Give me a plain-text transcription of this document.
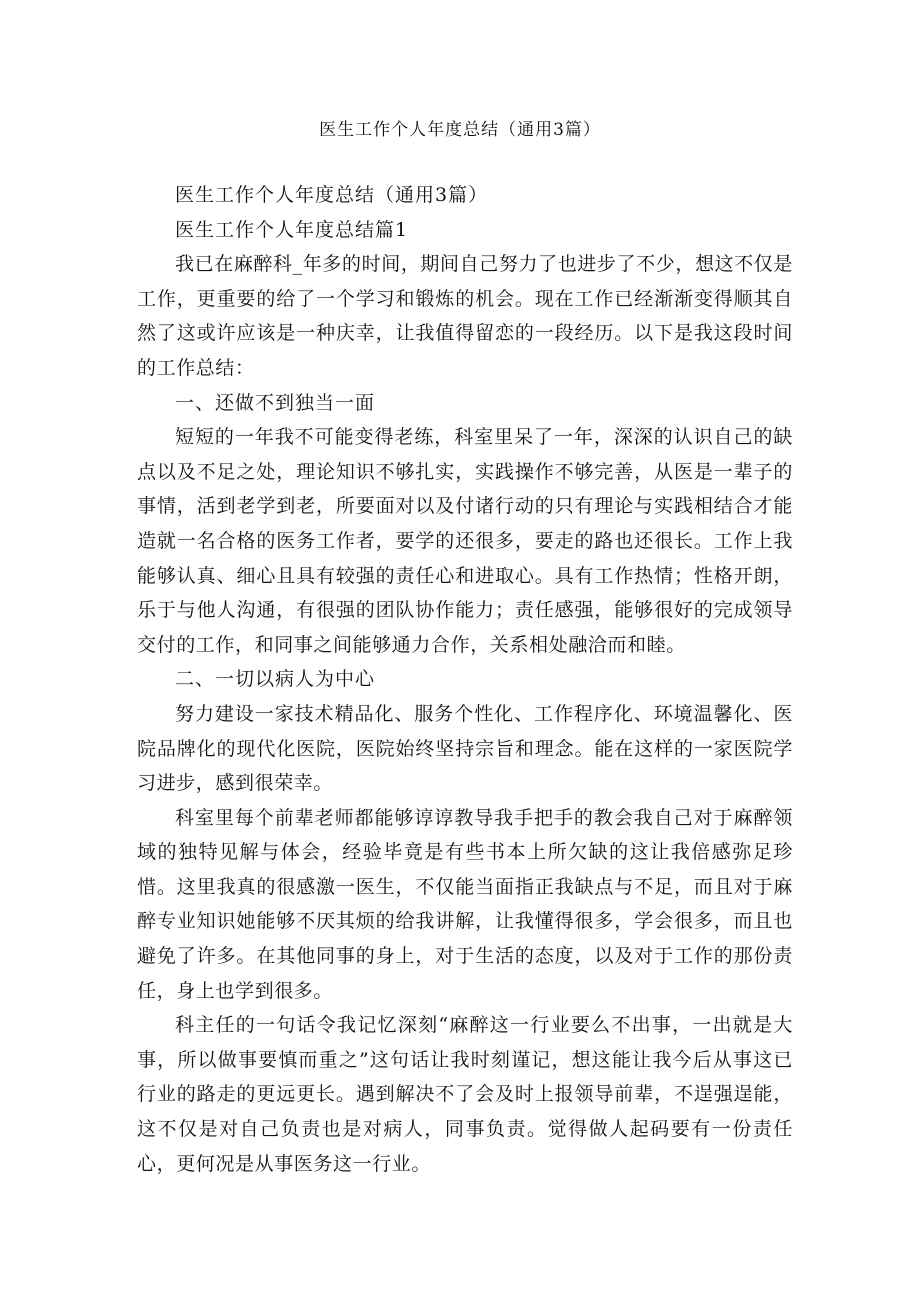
医生工作个人年度总结（通用3篇）

医生工作个人年度总结（通用3篇）

医生工作个人年度总结篇1

我已在麻醉科_年多的时间，期间自己努力了也进步了不少，想这不仅是工作，更重要的给了一个学习和锻炼的机会。现在工作已经渐渐变得顺其自然了这或许应该是一种庆幸，让我值得留恋的一段经历。以下是我这段时间的工作总结：

一、还做不到独当一面

短短的一年我不可能变得老练，科室里呆了一年，深深的认识自己的缺点以及不足之处，理论知识不够扎实，实践操作不够完善，从医是一辈子的事情，活到老学到老，所要面对以及付诸行动的只有理论与实践相结合才能造就一名合格的医务工作者，要学的还很多，要走的路也还很长。工作上我能够认真、细心且具有较强的责任心和进取心。具有工作热情；性格开朗，乐于与他人沟通，有很强的团队协作能力；责任感强，能够很好的完成领导交付的工作，和同事之间能够通力合作，关系相处融洽而和睦。

二、一切以病人为中心

努力建设一家技术精品化、服务个性化、工作程序化、环境温馨化、医院品牌化的现代化医院，医院始终坚持宗旨和理念。能在这样的一家医院学习进步，感到很荣幸。

科室里每个前辈老师都能够谆谆教导我手把手的教会我自己对于麻醉领域的独特见解与体会，经验毕竟是有些书本上所欠缺的这让我倍感弥足珍惜。这里我真的很感激一医生，不仅能当面指正我缺点与不足，而且对于麻醉专业知识她能够不厌其烦的给我讲解，让我懂得很多，学会很多，而且也避免了许多。在其他同事的身上，对于生活的态度，以及对于工作的那份责任，身上也学到很多。

科主任的一句话令我记忆深刻“麻醉这一行业要么不出事，一出就是大事，所以做事要慎而重之”这句话让我时刻谨记，想这能让我今后从事这已行业的路走的更远更长。遇到解决不了会及时上报领导前辈，不逞强逞能，这不仅是对自己负责也是对病人，同事负责。觉得做人起码要有一份责任心，更何况是从事医务这一行业。
